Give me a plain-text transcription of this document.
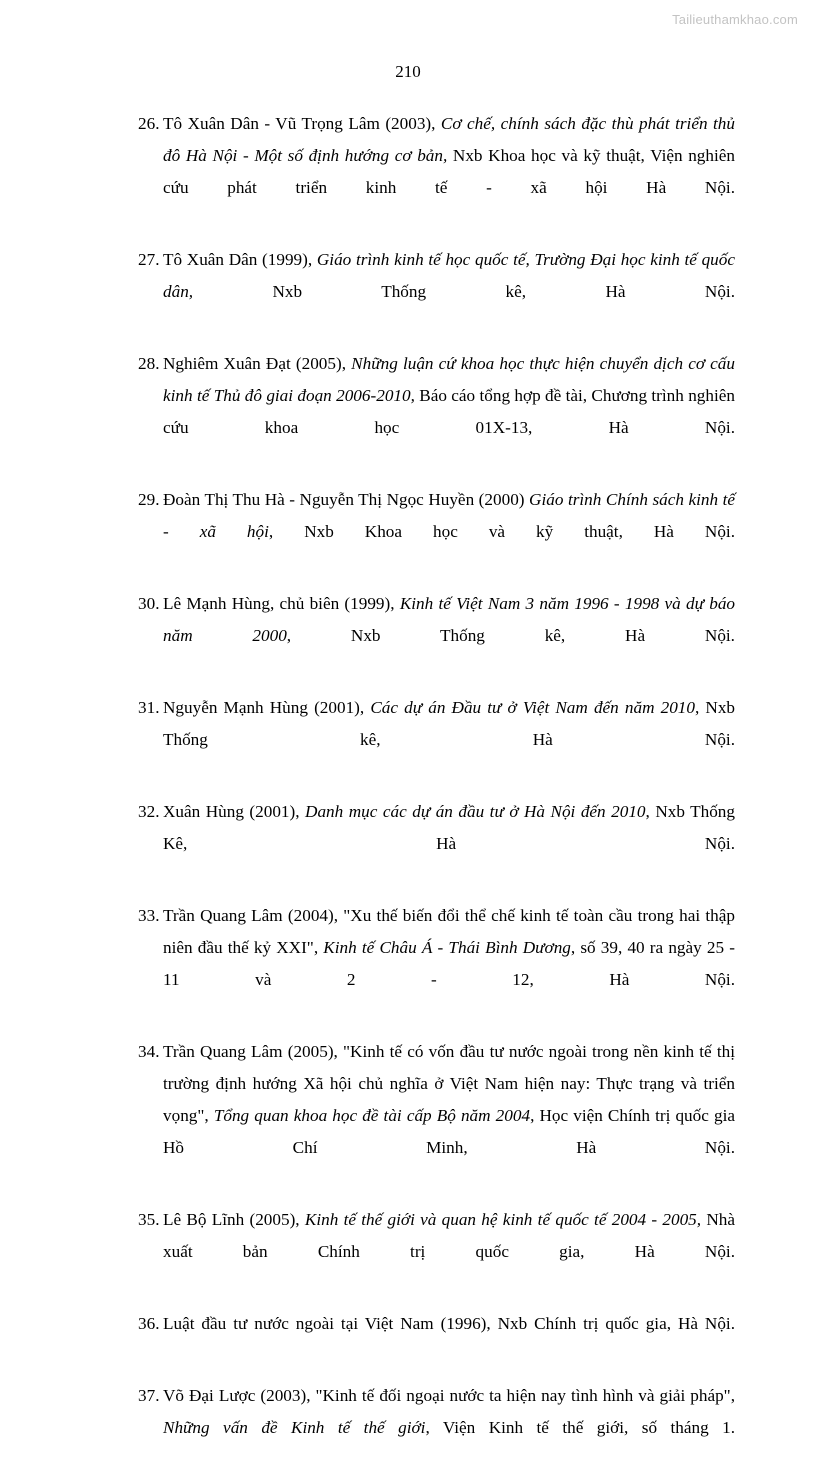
Tailieuthamkhao.com
210

26. Tô Xuân Dân - Vũ Trọng Lâm (2003), Cơ chế, chính sách đặc thù phát triển thủ đô Hà Nội - Một số định hướng cơ bản, Nxb Khoa học và kỹ thuật, Viện nghiên cứu phát triển kinh tế - xã hội Hà Nội.

27. Tô Xuân Dân (1999), Giáo trình kinh tế học quốc tế, Trường Đại học kinh tế quốc dân, Nxb Thống kê, Hà Nội.

28. Nghiêm Xuân Đạt (2005), Những luận cứ khoa học thực hiện chuyển dịch cơ cấu kinh tế Thủ đô giai đoạn 2006-2010, Báo cáo tổng hợp đề tài, Chương trình nghiên cứu khoa học 01X-13, Hà Nội.

29. Đoàn Thị Thu Hà - Nguyễn Thị Ngọc Huyền (2000) Giáo trình Chính sách kinh tế - xã hội, Nxb Khoa học và kỹ thuật, Hà Nội.

30. Lê Mạnh Hùng, chủ biên (1999), Kinh tế Việt Nam 3 năm 1996 - 1998 và dự báo năm 2000, Nxb Thống kê, Hà Nội.

31. Nguyễn Mạnh Hùng (2001), Các dự án Đầu tư ở Việt Nam đến năm 2010, Nxb Thống kê, Hà Nội.

32. Xuân Hùng (2001), Danh mục các dự án đầu tư ở Hà Nội đến 2010, Nxb Thống Kê, Hà Nội.

33. Trần Quang Lâm (2004), "Xu thế biến đổi thể chế kinh tế toàn cầu trong hai thập niên đầu thế kỷ XXI", Kinh tế Châu Á - Thái Bình Dương, số 39, 40 ra ngày 25 - 11 và 2 - 12, Hà Nội.

34. Trần Quang Lâm (2005), "Kinh tế có vốn đầu tư nước ngoài trong nền kinh tế thị trường định hướng Xã hội chủ nghĩa ở Việt Nam hiện nay: Thực trạng và triển vọng", Tổng quan khoa học đề tài cấp Bộ năm 2004, Học viện Chính trị quốc gia Hồ Chí Minh, Hà Nội.

35. Lê Bộ Lĩnh (2005), Kinh tế thế giới và quan hệ kinh tế quốc tế 2004 - 2005, Nhà xuất bản Chính trị quốc gia, Hà Nội.

36. Luật đầu tư nước ngoài tại Việt Nam (1996), Nxb Chính trị quốc gia, Hà Nội.

37. Võ Đại Lược (2003), "Kinh tế đối ngoại nước ta hiện nay tình hình và giải pháp", Những vấn đề Kinh tế thế giới, Viện Kinh tế thế giới, số tháng 1.
